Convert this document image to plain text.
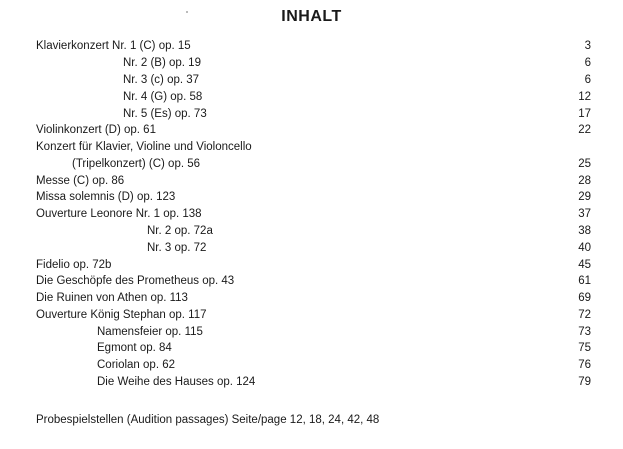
INHALT
Klavierkonzert Nr. 1 (C) op. 15	3
Nr. 2 (B) op. 19	6
Nr. 3 (c) op. 37	6
Nr. 4 (G) op. 58	12
Nr. 5 (Es) op. 73	17
Violinkonzert (D) op. 61	22
Konzert für Klavier, Violine und Violoncello
(Tripelkonzert) (C) op. 56	25
Messe (C) op. 86	28
Missa solemnis (D) op. 123	29
Ouverture Leonore Nr. 1 op. 138	37
Nr. 2 op. 72a	38
Nr. 3 op. 72	40
Fidelio op. 72b	45
Die Geschöpfe des Prometheus op. 43	61
Die Ruinen von Athen op. 113	69
Ouverture König Stephan op. 117	72
Namensfeier op. 115	73
Egmont op. 84	75
Coriolan op. 62	76
Die Weihe des Hauses op. 124	79
Probespielstellen (Audition passages) Seite/page 12, 18, 24, 42, 48
